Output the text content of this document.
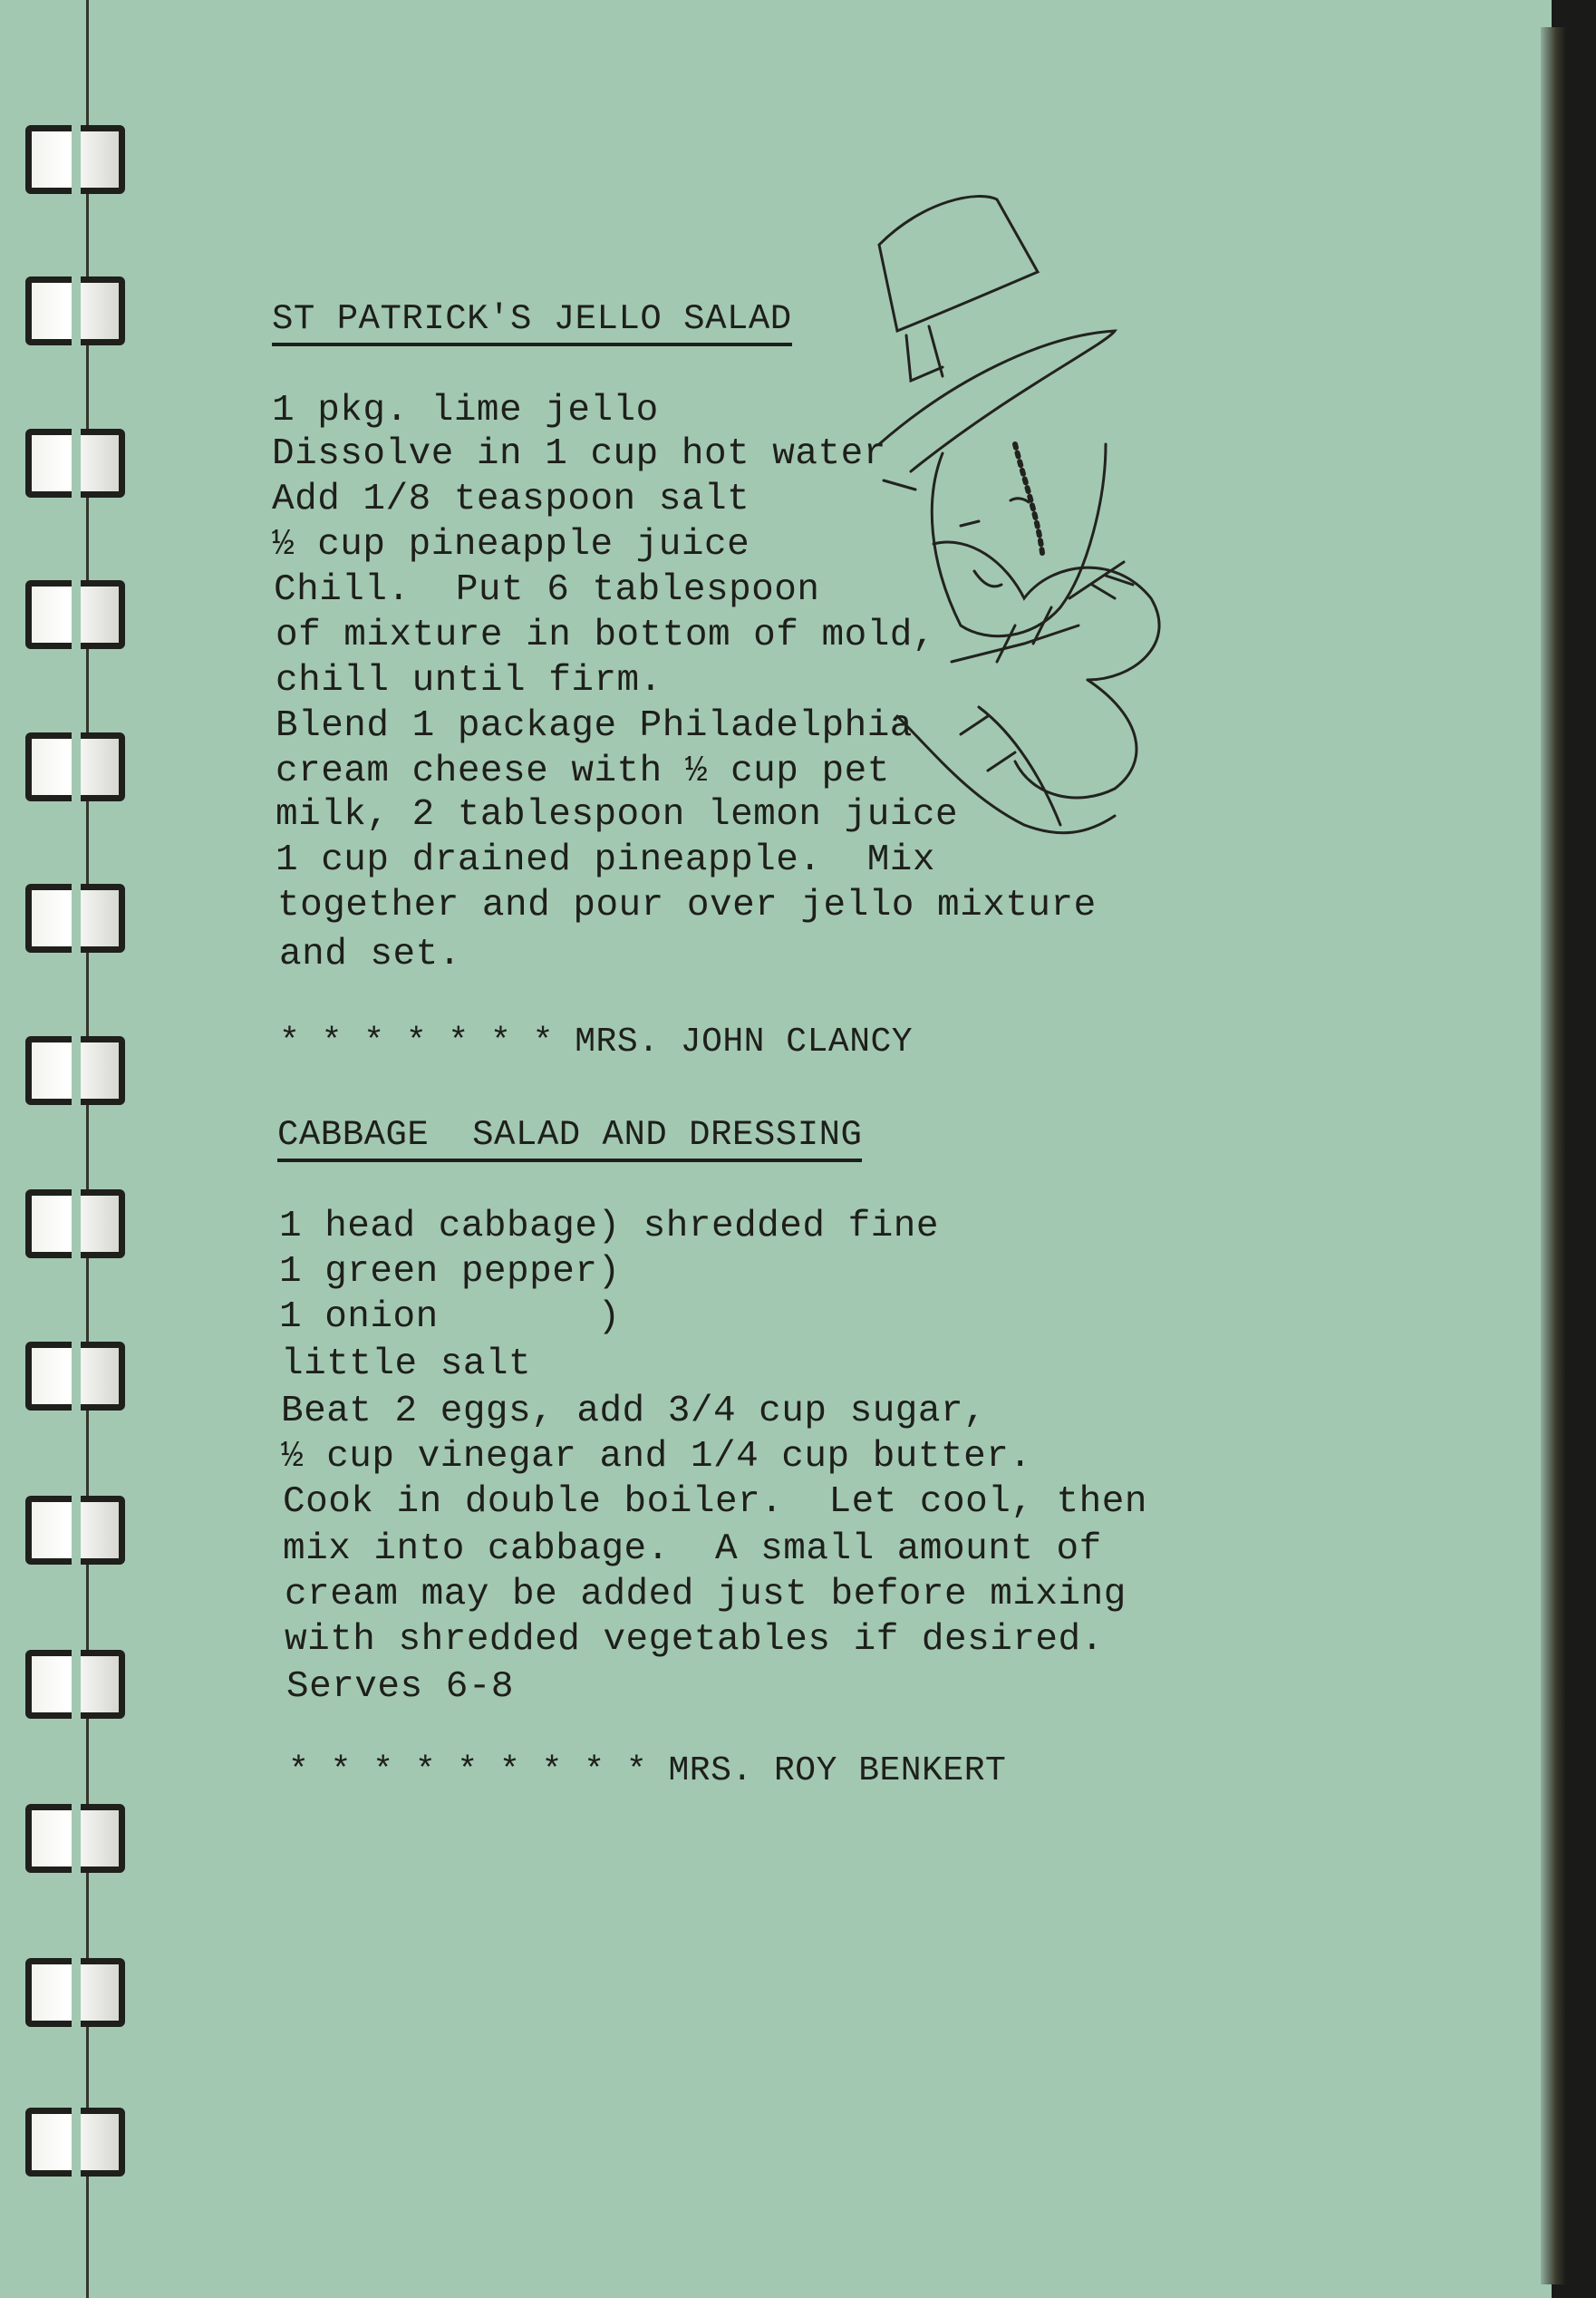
ST PATRICK'S JELLO SALAD
1 pkg. lime jello
Dissolve in 1 cup hot water
Add 1/8 teaspoon salt
½ cup pineapple juice
Chill.  Put 6 tablespoon
of mixture in bottom of mold,
chill until firm.
Blend 1 package Philadelphia
cream cheese with ½ cup pet
milk, 2 tablespoon lemon juice
1 cup drained pineapple.  Mix
together and pour over jello mixture
and set.
* * * * * * * MRS. JOHN CLANCY
CABBAGE  SALAD AND DRESSING
1 head cabbage) shredded fine
1 green pepper)
1 onion       )
little salt
Beat 2 eggs, add 3/4 cup sugar,
½ cup vinegar and 1/4 cup butter.
Cook in double boiler.  Let cool, then
mix into cabbage.  A small amount of
cream may be added just before mixing
with shredded vegetables if desired.
Serves 6-8
* * * * * * * * * MRS. ROY BENKERT
